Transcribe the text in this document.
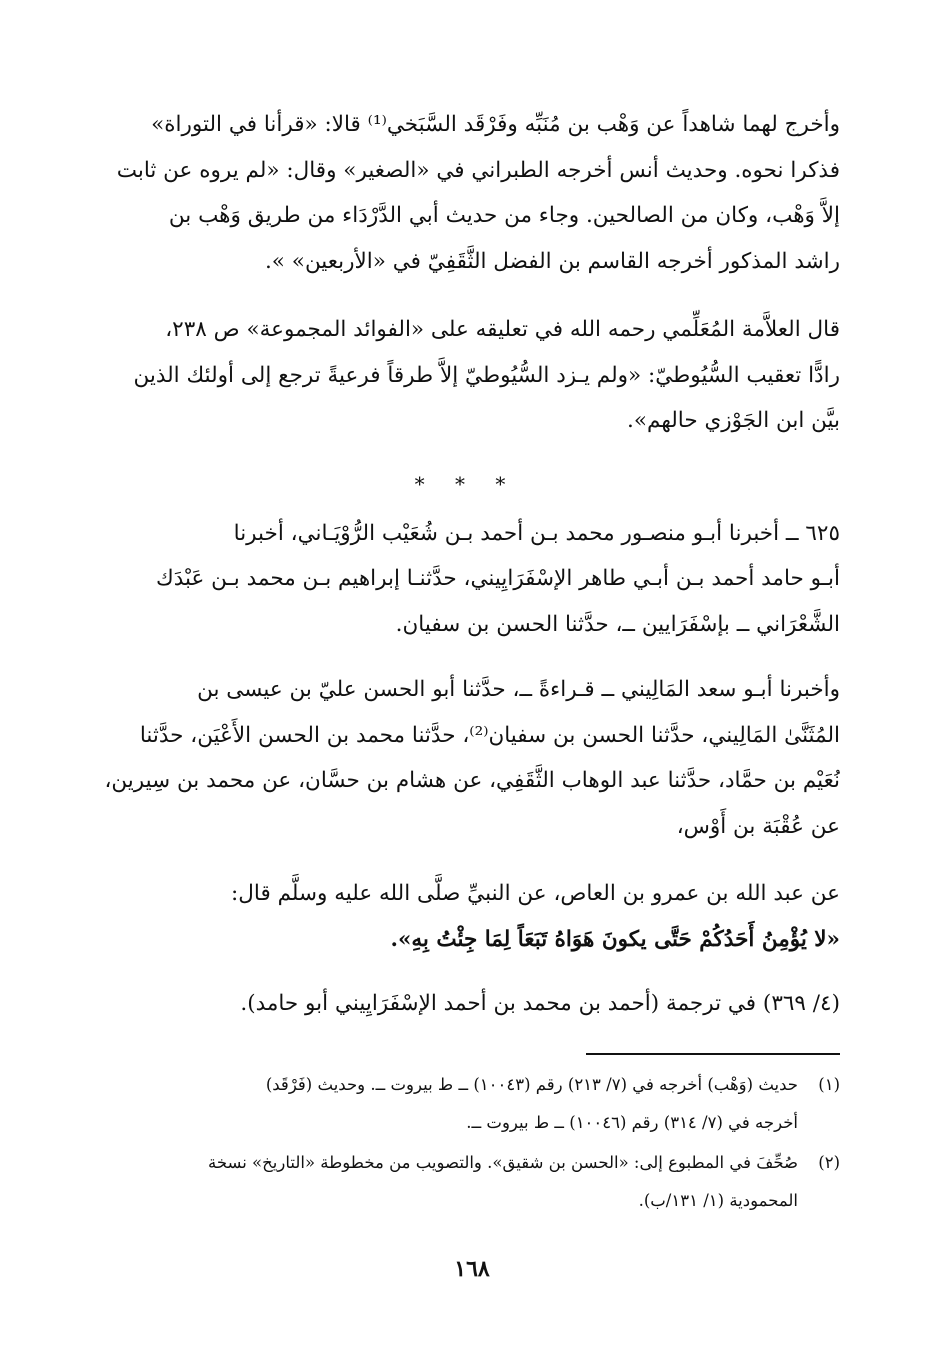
وأخرج لهما شاهداً عن وَهْب بن مُنَبِّه وفَرْقَد السَّبَخي⁽¹⁾ قالا: «قرأنا في التوراة»
فذكرا نحوه. وحديث أنس أخرجه الطبراني في «الصغير» وقال: «لم يروه عن ثابت
إلاَّ وَهْب، وكان من الصالحين. وجاء من حديث أبي الدَّرْدَاء من طريق وَهْب بن
راشد المذكور أخرجه القاسم بن الفضل الثَّقَفِيّ في «الأربعين» ».

قال العلاَّمة المُعَلِّمي رحمه الله في تعليقه على «الفوائد المجموعة» ص ٢٣٨،
رادًّا تعقيب السُّيُوطيّ: «ولم يـزد السُّيُوطيّ إلاَّ طرقاً فرعيةً ترجع إلى أولئك الذين
بيَّن ابن الجَوْزي حالهم».

* * *

٦٢٥ ــ أخبرنا أبـو منصـور محمد بـن أحمد بـن شُعَيْب الرُّوْيَـاني، أخبرنا
أبـو حامد أحمد بـن أبـي طاهر الإسْفَرَايِيني، حدَّثنـا إبراهيم بـن محمد بـن عَبْدَك
الشَّعْرَاني ــ بإسْفَرَايين ــ، حدَّثنا الحسن بن سفيان.

وأخبرنا أبـو سعد المَالِيني ــ قـراءةً ــ، حدَّثنا أبو الحسن عليّ بن عيسى بن
المُثَنَّىٰ المَالِيني، حدَّثنا الحسن بن سفيان⁽²⁾، حدَّثنا محمد بن الحسن الأَعْيَن، حدَّثنا
نُعَيْم بن حمَّاد، حدَّثنا عبد الوهاب الثَّقَفِي، عن هشام بن حسَّان، عن محمد بن سِيرين،
عن عُقْبَة بن أَوْس،

عن عبد الله بن عمرو بن العاص، عن النبيِّ صلَّى الله عليه وسلَّم قال:
«لا يُؤْمِنُ أَحَدُكُمْ حَتَّى يكونَ هَوَاهُ تَبَعَاً لِمَا جِئْتُ بِهِ».

(٤/ ٣٦٩) في ترجمة (أحمد بن محمد بن أحمد الإسْفَرَايِيني أبو حامد).

(١)
حديث (وَهْب) أخرجه في (٧/ ٢١٣) رقم (١٠٠٤٣) ــ ط بيروت ــ. وحديث (فَرْقَد)
أخرجه في (٧/ ٣١٤) رقم (١٠٠٤٦) ــ ط بيروت ــ.
(٢)
صُحِّفَ في المطبوع إلى: «الحسن بن شقيق». والتصويب من مخطوطة «التاريخ» نسخة
المحمودية (١/ ١٣١/ب).
١٦٨
